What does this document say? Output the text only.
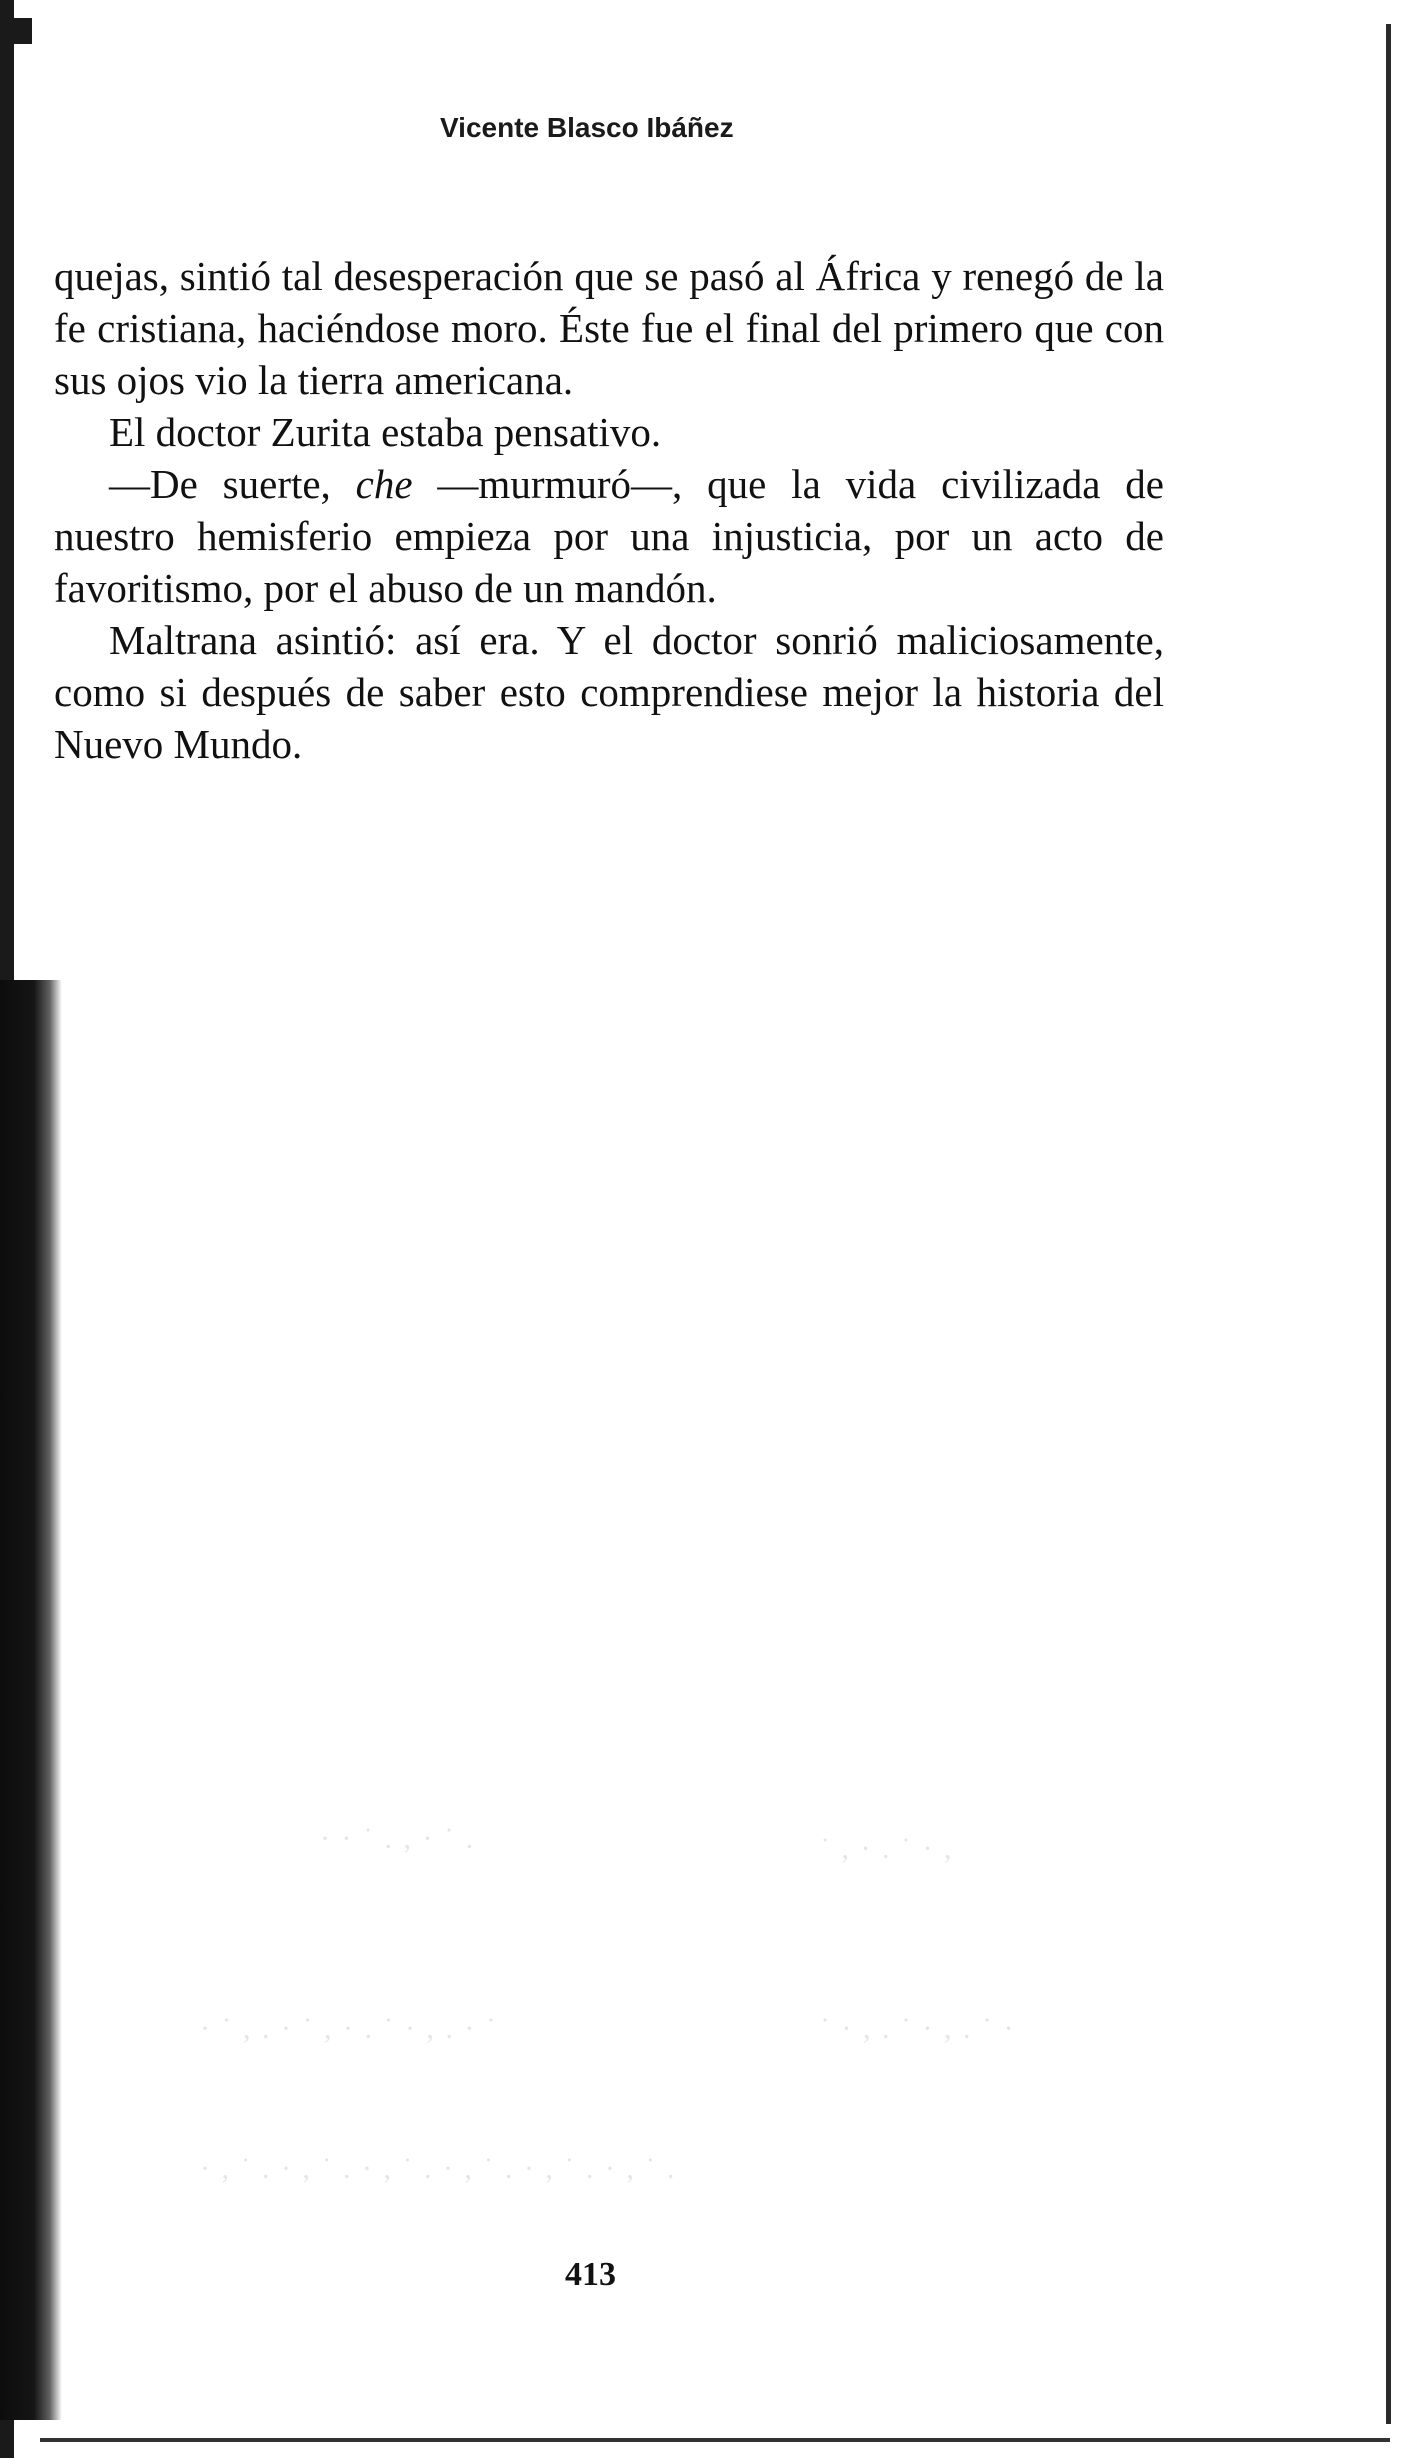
· · ˙ . , · ˙ .	˙ , · . ˙ · ,
· ˙ , . · ˙ , · . ˙ · , . · ˙	˙ · , . ˙ · , . ˙ ·
· , ˙ . · , ˙ . · , ˙ . · , ˙ . · , ˙ . · , ˙ .
Vicente Blasco Ibáñez

quejas, sintió tal desesperación que se pasó al África y renegó de la fe cristiana, haciéndose moro. Éste fue el final del primero que con sus ojos vio la tierra americana.

El doctor Zurita estaba pensativo.

—De suerte, che —murmuró—, que la vida civilizada de nuestro hemisferio empieza por una injusticia, por un acto de favoritismo, por el abuso de un mandón.

Maltrana asintió: así era. Y el doctor sonrió maliciosamente, como si después de saber esto comprendiese mejor la historia del Nuevo Mundo.

413
